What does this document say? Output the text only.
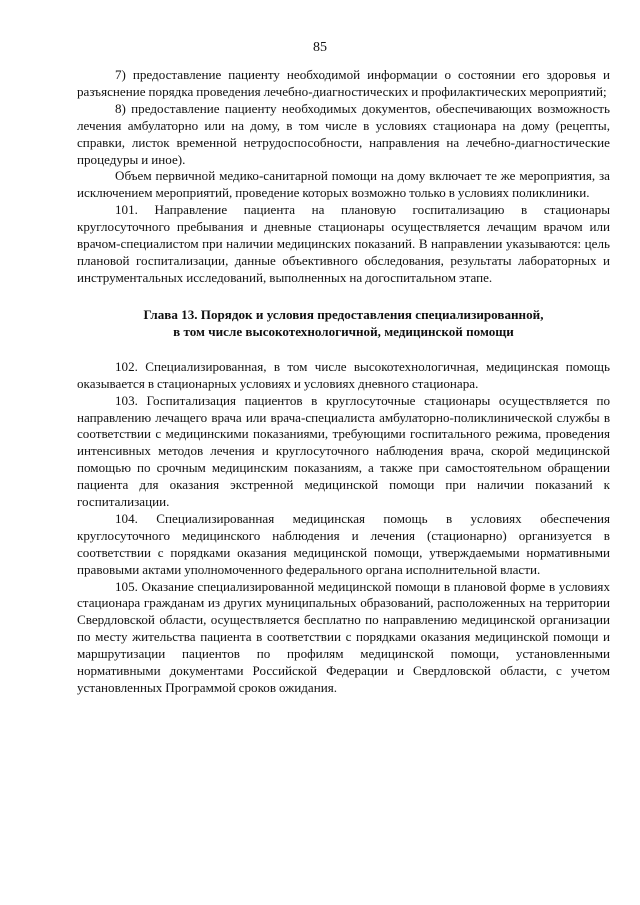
85

7) предоставление пациенту необходимой информации о состоянии его здоровья и разъяснение порядка проведения лечебно-диагностических и профилактических мероприятий;

8) предоставление пациенту необходимых документов, обеспечивающих возможность лечения амбулаторно или на дому, в том числе в условиях стационара на дому (рецепты, справки, листок временной нетрудоспособности, направления на лечебно-диагностические процедуры и иное).

Объем первичной медико-санитарной помощи на дому включает те же мероприятия, за исключением мероприятий, проведение которых возможно только в условиях поликлиники.

101. Направление пациента на плановую госпитализацию в стационары круглосуточного пребывания и дневные стационары осуществляется лечащим врачом или врачом-специалистом при наличии медицинских показаний. В направлении указываются: цель плановой госпитализации, данные объективного обследования, результаты лабораторных и инструментальных исследований, выполненных на догоспитальном этапе.

Глава 13. Порядок и условия предоставления специализированной,
в том числе высокотехнологичной, медицинской помощи

102. Специализированная, в том числе высокотехнологичная, медицинская помощь оказывается в стационарных условиях и условиях дневного стационара.

103. Госпитализация пациентов в круглосуточные стационары осуществляется по направлению лечащего врача или врача-специалиста амбулаторно-поликлинической службы в соответствии с медицинскими показаниями, требующими госпитального режима, проведения интенсивных методов лечения и круглосуточного наблюдения врача, скорой медицинской помощью по срочным медицинским показаниям, а также при самостоятельном обращении пациента для оказания экстренной медицинской помощи при наличии показаний к госпитализации.

104. Специализированная медицинская помощь в условиях обеспечения круглосуточного медицинского наблюдения и лечения (стационарно) организуется в соответствии с порядками оказания медицинской помощи, утверждаемыми нормативными правовыми актами уполномоченного федерального органа исполнительной власти.

105. Оказание специализированной медицинской помощи в плановой форме в условиях стационара гражданам из других муниципальных образований, расположенных на территории Свердловской области, осуществляется бесплатно по направлению медицинской организации по месту жительства пациента в соответствии с порядками оказания медицинской помощи и маршрутизации пациентов по профилям медицинской помощи, установленными нормативными документами Российской Федерации и Свердловской области, с учетом установленных Программой сроков ожидания.
